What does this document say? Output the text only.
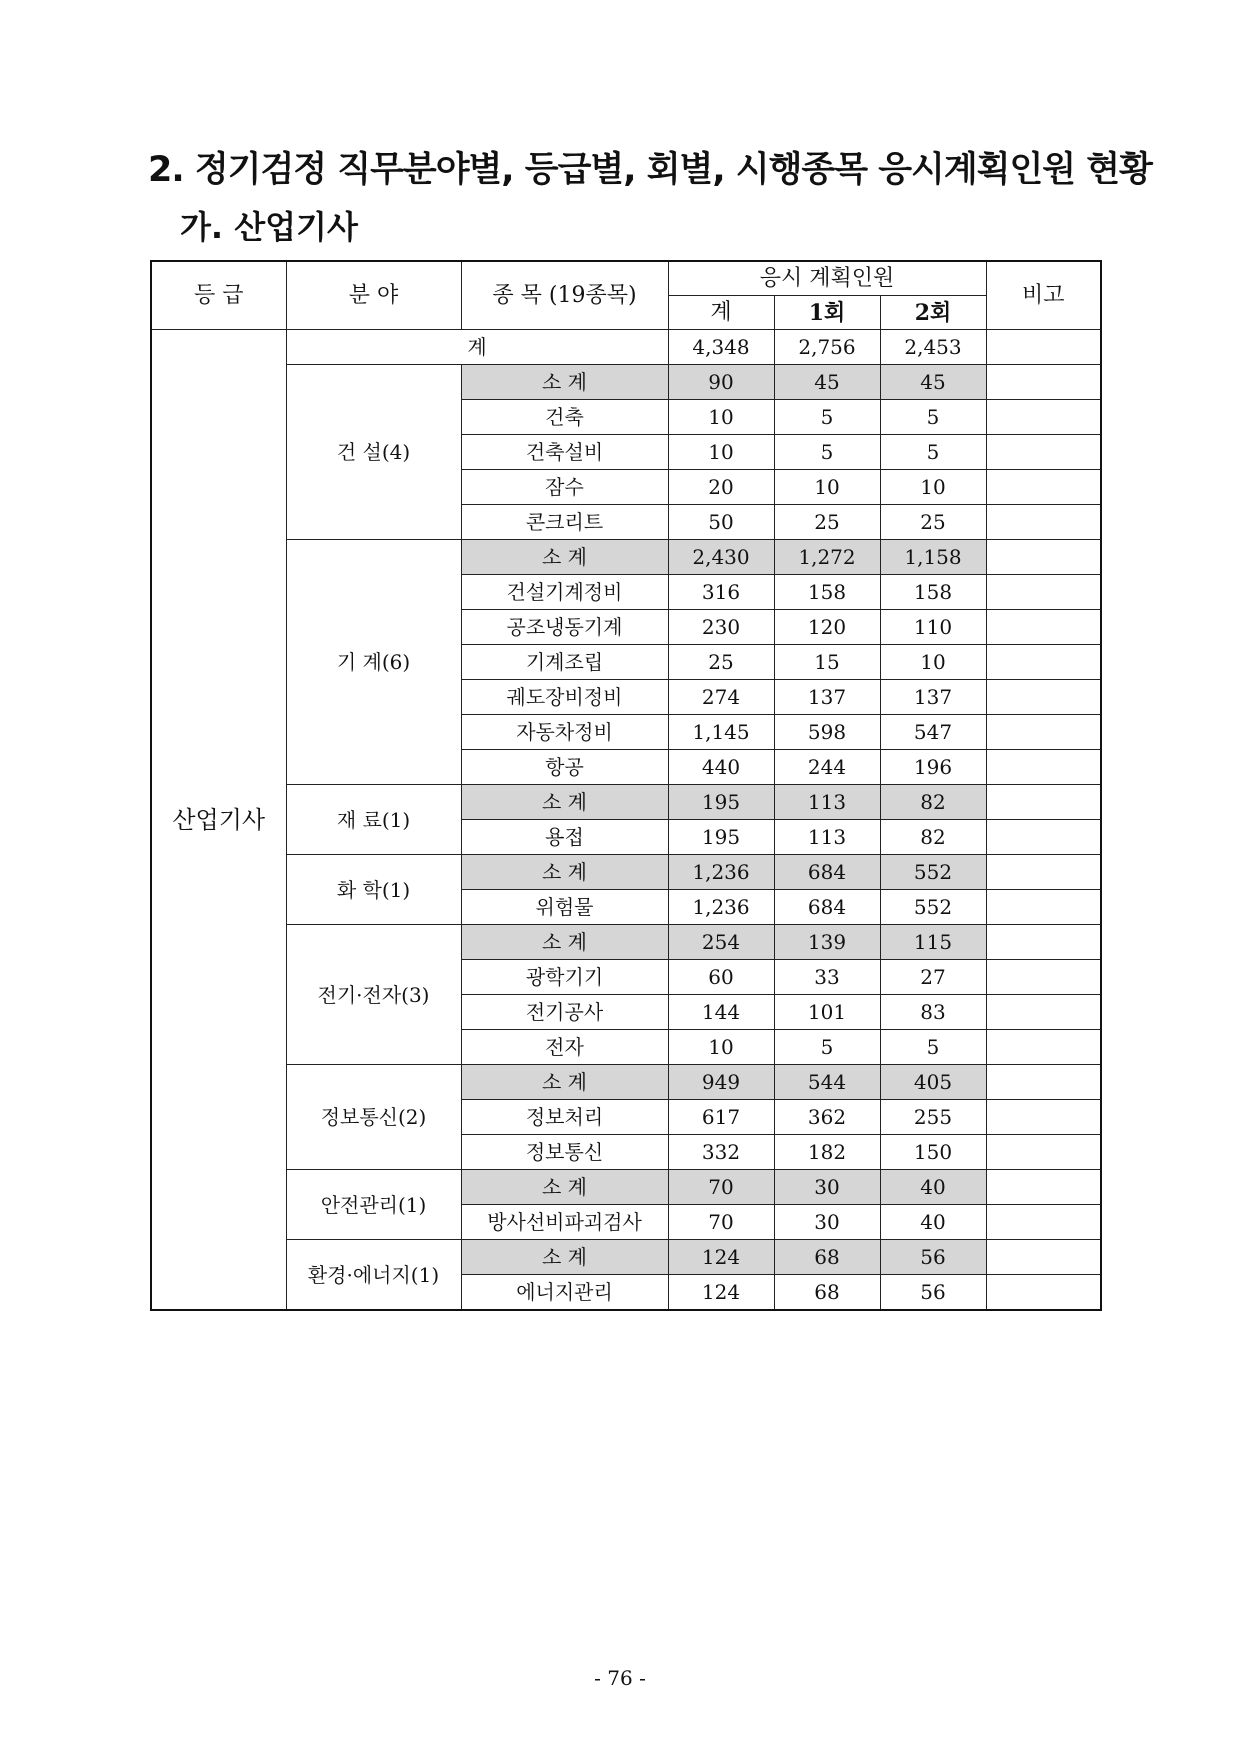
2. 정기검정 직무분야별, 등급별, 회별, 시행종목 응시계획인원 현황
가. 산업기사
등 급	분 야	종 목 (19종목)	응시 계획인원			비고
			계	1회	2회	
산업기사	계		4,348	2,756	2,453	
	건 설(4)	소 계	90	45	45	
		건축	10	5	5	
		건축설비	10	5	5	
		잠수	20	10	10	
		콘크리트	50	25	25	
	기 계(6)	소 계	2,430	1,272	1,158	
		건설기계정비	316	158	158	
		공조냉동기계	230	120	110	
		기계조립	25	15	10	
		궤도장비정비	274	137	137	
		자동차정비	1,145	598	547	
		항공	440	244	196	
	재 료(1)	소 계	195	113	82	
		용접	195	113	82	
	화 학(1)	소 계	1,236	684	552	
		위험물	1,236	684	552	
	전기·전자(3)	소 계	254	139	115	
		광학기기	60	33	27	
		전기공사	144	101	83	
		전자	10	5	5	
	정보통신(2)	소 계	949	544	405	
		정보처리	617	362	255	
		정보통신	332	182	150	
	안전관리(1)	소 계	70	30	40	
		방사선비파괴검사	70	30	40	
	환경·에너지(1)	소 계	124	68	56	
		에너지관리	124	68	56	
- 76 -
